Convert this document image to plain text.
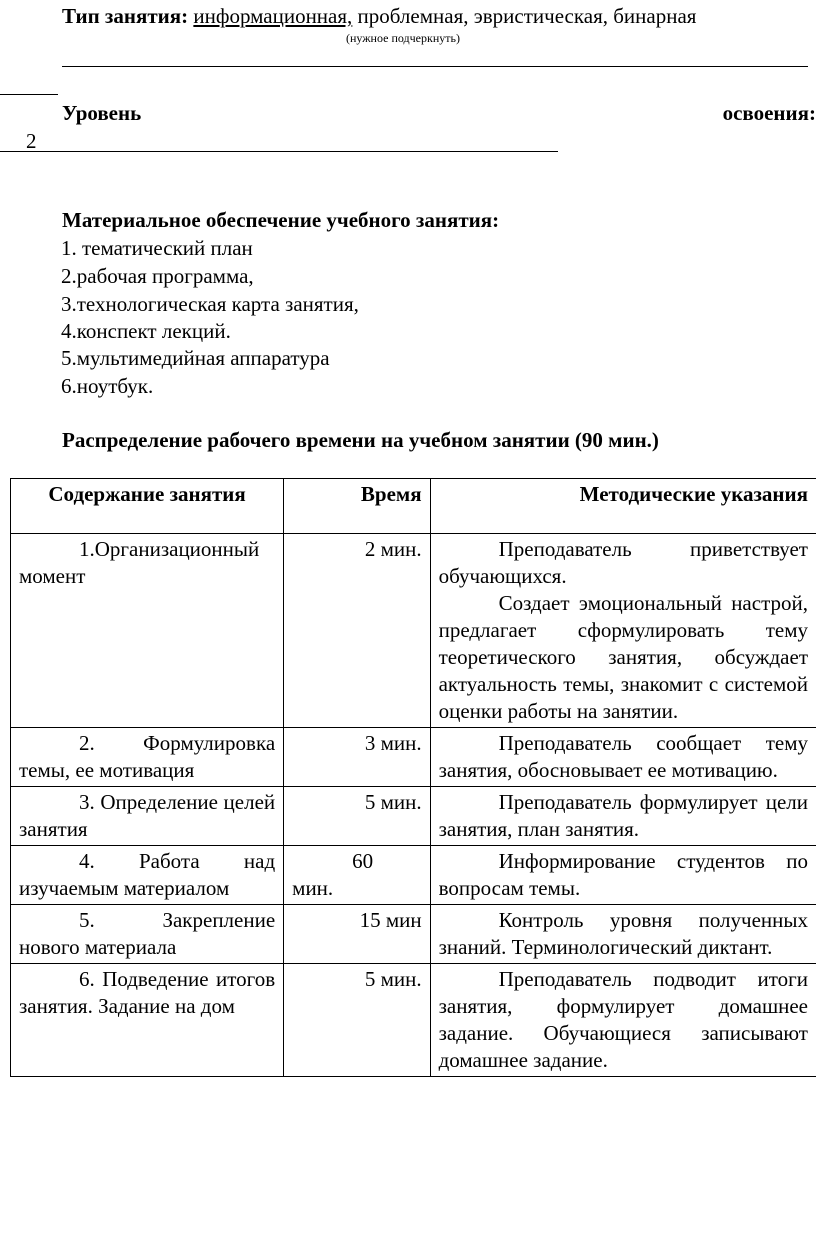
Тип занятия: информационная, проблемная, эвристическая, бинарная
(нужное подчеркнуть)
Уровень	освоения:
2
Материальное обеспечение учебного занятия:
1. тематический план
2.рабочая программа,
3.технологическая карта занятия,
4.конспект лекций.
5.мультимедийная аппаратура
6.ноутбук.
Распределение рабочего времени на учебном занятии (90 мин.)
Содержание занятия	Время	Методические указания
1.Организационный момент	2 мин.	Преподаватель приветствует обучающихся.
Создает эмоциональный настрой, предлагает сформулировать тему теоретического занятия, обсуждает актуальность темы, знакомит с системой оценки работы на занятии.

2. Формулировка темы, ее мотивация	3 мин.	Преподаватель сообщает тему занятия, обосновывает ее мотивацию.

3. Определение целей занятия	5 мин.	Преподаватель формулирует цели занятия, план занятия.

4. Работа над изучаемым материалом	60 мин.	Информирование студентов по вопросам темы.

5. Закрепление нового материала	15 мин	Контроль уровня полученных знаний. Терминологический диктант.

6. Подведение итогов занятия. Задание на дом	5 мин.	Преподаватель подводит итоги занятия, формулирует домашнее задание. Обучающиеся записывают домашнее задание.
